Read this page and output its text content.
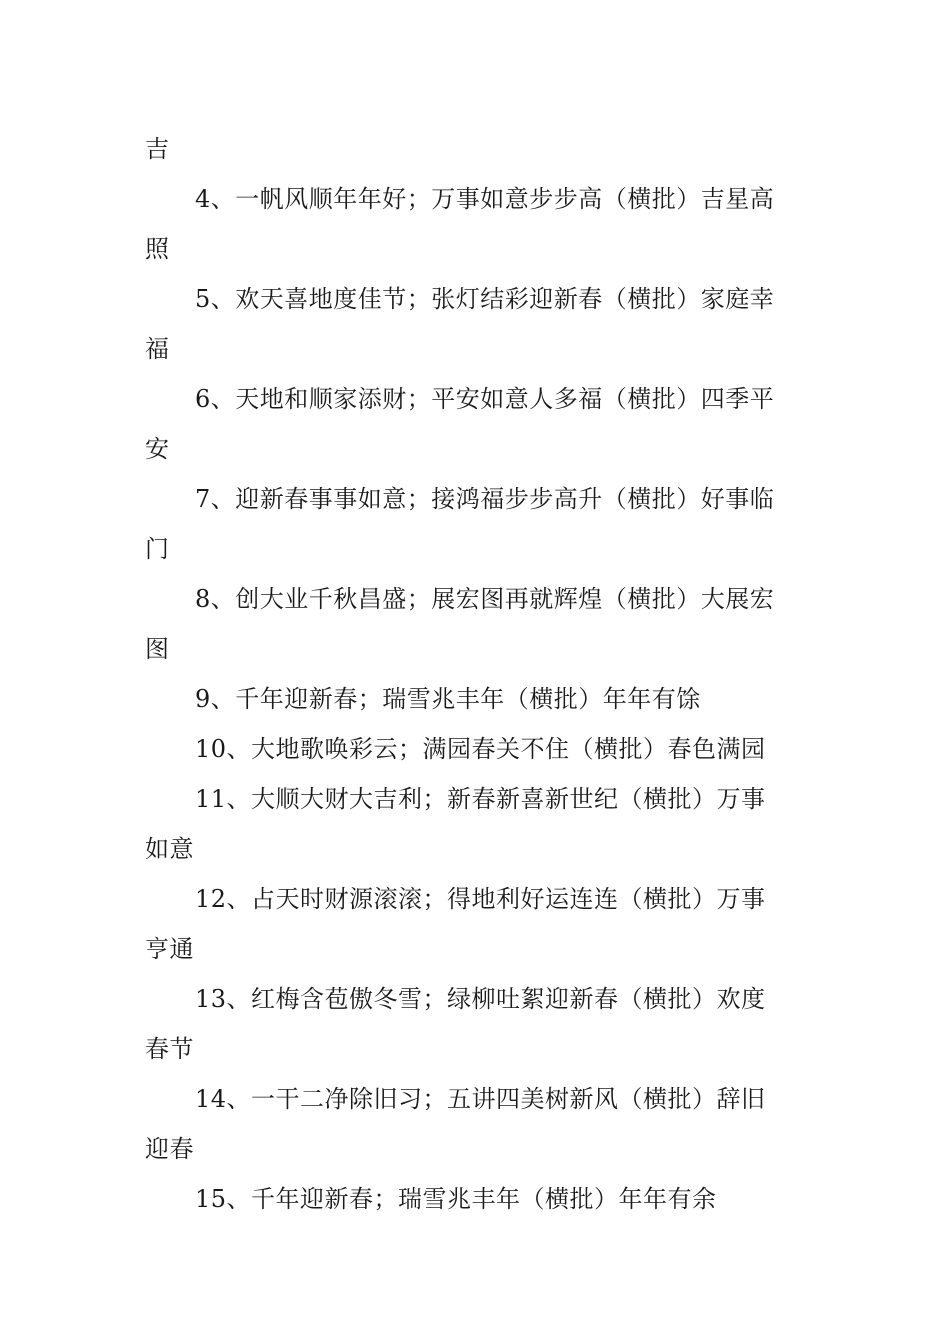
吉
4、一帆风顺年年好；万事如意步步高（横批）吉星高
照
5、欢天喜地度佳节；张灯结彩迎新春（横批）家庭幸
福
6、天地和顺家添财；平安如意人多福（横批）四季平
安
7、迎新春事事如意；接鸿福步步高升（横批）好事临
门
8、创大业千秋昌盛；展宏图再就辉煌（横批）大展宏
图
9、千年迎新春；瑞雪兆丰年（横批）年年有馀
10、大地歌唤彩云；满园春关不住（横批）春色满园
11、大顺大财大吉利；新春新喜新世纪（横批）万事
如意
12、占天时财源滚滚；得地利好运连连（横批）万事
亨通
13、红梅含苞傲冬雪；绿柳吐絮迎新春（横批）欢度
春节
14、一干二净除旧习；五讲四美树新风（横批）辞旧
迎春
15、千年迎新春；瑞雪兆丰年（横批）年年有余
